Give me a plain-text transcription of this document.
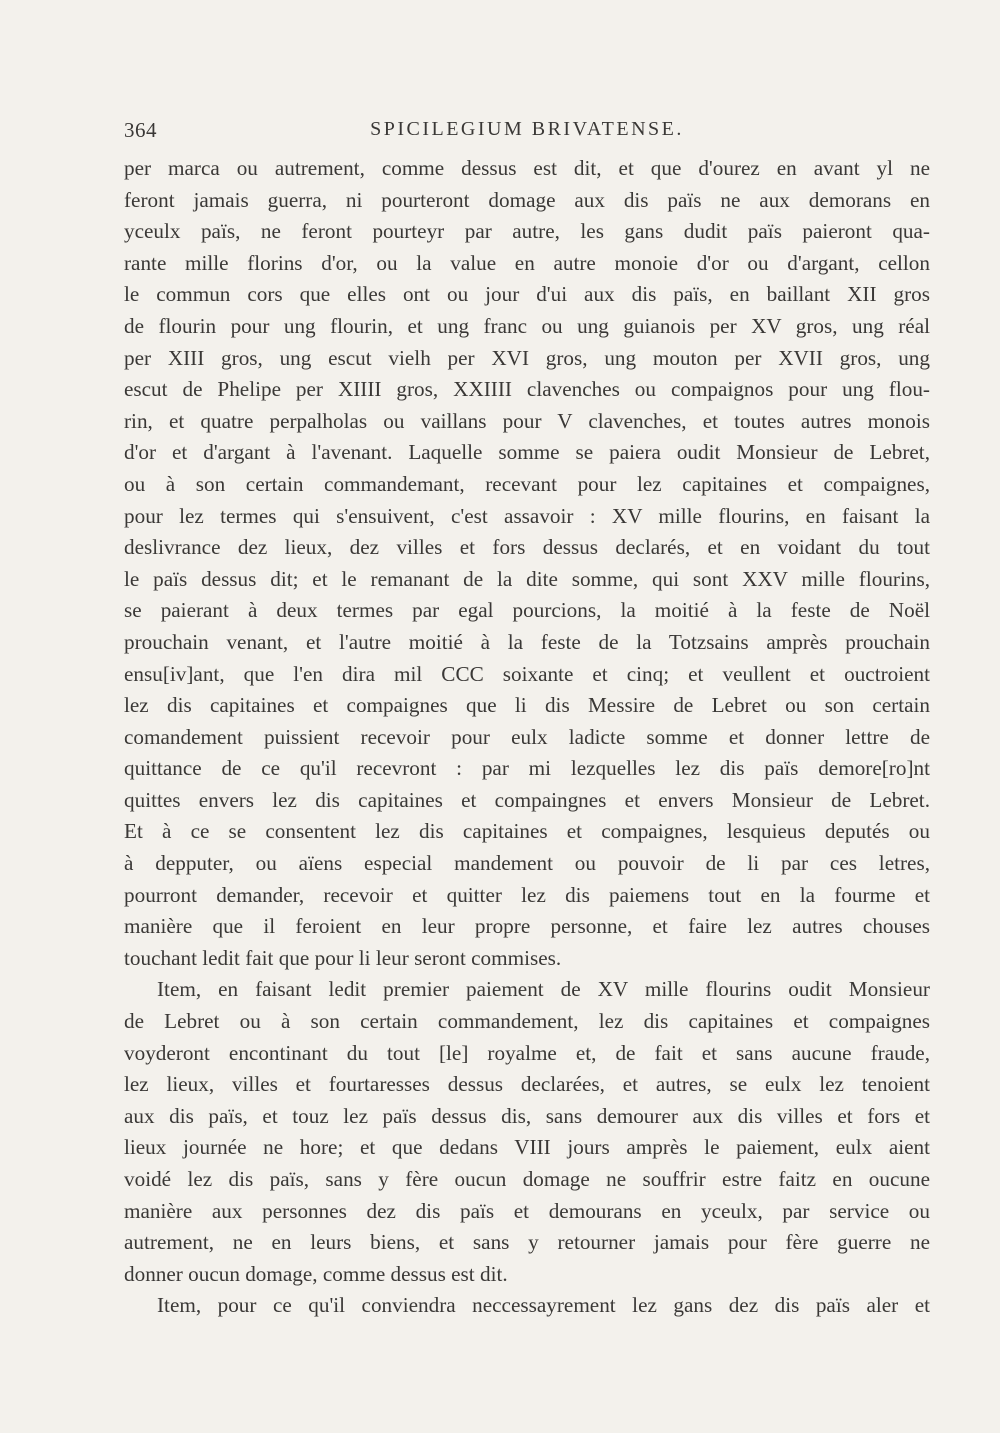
364	SPICILEGIUM BRIVATENSE.
per marca ou autrement, comme dessus est dit, et que d'ourez en avant yl ne
feront jamais guerra, ni pourteront domage aux dis païs ne aux demorans en
yceulx païs, ne feront pourteyr par autre, les gans dudit païs paieront qua-
rante mille florins d'or, ou la value en autre monoie d'or ou d'argant, cellon
le commun cors que elles ont ou jour d'ui aux dis païs, en baillant XII gros
de flourin pour ung flourin, et ung franc ou ung guianois per XV gros, ung réal
per XIII gros, ung escut vielh per XVI gros, ung mouton per XVII gros, ung
escut de Phelipe per XIIII gros, XXIIII clavenches ou compaignos pour ung flou-
rin, et quatre perpalholas ou vaillans pour V clavenches, et toutes autres monois
d'or et d'argant à l'avenant. Laquelle somme se paiera oudit Monsieur de Lebret,
ou à son certain commandemant, recevant pour lez capitaines et compaignes,
pour lez termes qui s'ensuivent, c'est assavoir : XV mille flourins, en faisant la
deslivrance dez lieux, dez villes et fors dessus declarés, et en voidant du tout
le païs dessus dit; et le remanant de la dite somme, qui sont XXV mille flourins,
se paierant à deux termes par egal pourcions, la moitié à la feste de Noël
prouchain venant, et l'autre moitié à la feste de la Totzsains amprès prouchain
ensu[iv]ant, que l'en dira mil CCC soixante et cinq; et veullent et ouctroient
lez dis capitaines et compaignes que li dis Messire de Lebret ou son certain
comandement puissient recevoir pour eulx ladicte somme et donner lettre de
quittance de ce qu'il recevront : par mi lezquelles lez dis païs demore[ro]nt
quittes envers lez dis capitaines et compaingnes et envers Monsieur de Lebret.
Et à ce se consentent lez dis capitaines et compaignes, lesquieus deputés ou
à depputer, ou aïens especial mandement ou pouvoir de li par ces letres,
pourront demander, recevoir et quitter lez dis paiemens tout en la fourme et
manière que il feroient en leur propre personne, et faire lez autres chouses
touchant ledit fait que pour li leur seront commises.
Item, en faisant ledit premier paiement de XV mille flourins oudit Monsieur
de Lebret ou à son certain commandement, lez dis capitaines et compaignes
voyderont encontinant du tout [le] royalme et, de fait et sans aucune fraude,
lez lieux, villes et fourtaresses dessus declarées, et autres, se eulx lez tenoient
aux dis païs, et touz lez païs dessus dis, sans demourer aux dis villes et fors et
lieux journée ne hore; et que dedans VIII jours amprès le paiement, eulx aient
voidé lez dis païs, sans y fère oucun domage ne souffrir estre faitz en oucune
manière aux personnes dez dis païs et demourans en yceulx, par service ou
autrement, ne en leurs biens, et sans y retourner jamais pour fère guerre ne
donner oucun domage, comme dessus est dit.
Item, pour ce qu'il conviendra neccessayrement lez gans dez dis païs aler et
